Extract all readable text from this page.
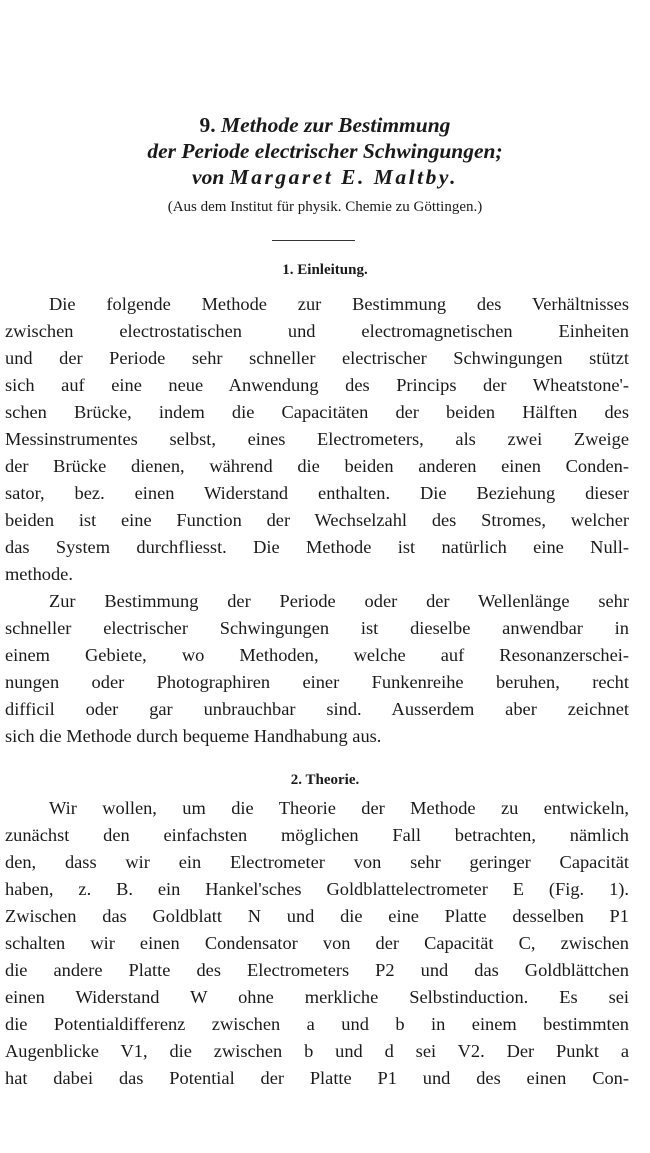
9. Methode zur Bestimmung
der Periode electrischer Schwingungen;
von Margaret E. Maltby.
(Aus dem Institut für physik. Chemie zu Göttingen.)
1. Einleitung.
Die folgende Methode zur Bestimmung des Verhältnisses
zwischen electrostatischen und electromagnetischen Einheiten
und der Periode sehr schneller electrischer Schwingungen stützt
sich auf eine neue Anwendung des Princips der Wheatstone'-
schen Brücke, indem die Capacitäten der beiden Hälften des
Messinstrumentes selbst, eines Electrometers, als zwei Zweige
der Brücke dienen, während die beiden anderen einen Conden-
sator, bez. einen Widerstand enthalten. Die Beziehung dieser
beiden ist eine Function der Wechselzahl des Stromes, welcher
das System durchfliesst. Die Methode ist natürlich eine Null-
methode.
Zur Bestimmung der Periode oder der Wellenlänge sehr
schneller electrischer Schwingungen ist dieselbe anwendbar in
einem Gebiete, wo Methoden, welche auf Resonanzerschei-
nungen oder Photographiren einer Funkenreihe beruhen, recht
difficil oder gar unbrauchbar sind. Ausserdem aber zeichnet
sich die Methode durch bequeme Handhabung aus.
2. Theorie.
Wir wollen, um die Theorie der Methode zu entwickeln,
zunächst den einfachsten möglichen Fall betrachten, nämlich
den, dass wir ein Electrometer von sehr geringer Capacität
haben, z. B. ein Hankel'sches Goldblattelectrometer E (Fig. 1).
Zwischen das Goldblatt N und die eine Platte desselben P1
schalten wir einen Condensator von der Capacität C, zwischen
die andere Platte des Electrometers P2 und das Goldblättchen
einen Widerstand W ohne merkliche Selbstinduction. Es sei
die Potentialdifferenz zwischen a und b in einem bestimmten
Augenblicke V1, die zwischen b und d sei V2. Der Punkt a
hat dabei das Potential der Platte P1 und des einen Con-
